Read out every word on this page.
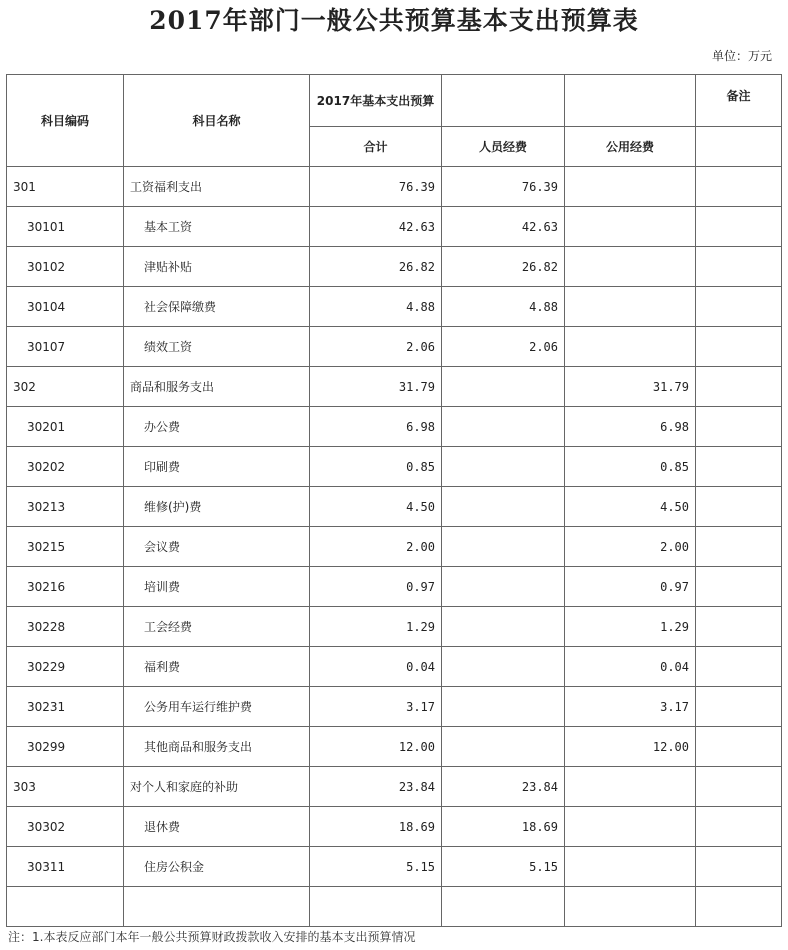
2017年部门一般公共预算基本支出预算表
单位：万元
科目编码	科目名称	2017年基本支出预算			备注
		合计	人员经费	公用经费	
301	工资福利支出	76.39	76.39		
30101	基本工资	42.63	42.63		
30102	津贴补贴	26.82	26.82		
30104	社会保障缴费	4.88	4.88		
30107	绩效工资	2.06	2.06		
302	商品和服务支出	31.79		31.79	
30201	办公费	6.98		6.98	
30202	印刷费	0.85		0.85	
30213	维修(护)费	4.50		4.50	
30215	会议费	2.00		2.00	
30216	培训费	0.97		0.97	
30228	工会经费	1.29		1.29	
30229	福利费	0.04		0.04	
30231	公务用车运行维护费	3.17		3.17	
30299	其他商品和服务支出	12.00		12.00	
303	对个人和家庭的补助	23.84	23.84		
30302	退休费	18.69	18.69		
30311	住房公积金	5.15	5.15		

注：1.本表反应部门本年一般公共预算财政拨款收入安排的基本支出预算情况
